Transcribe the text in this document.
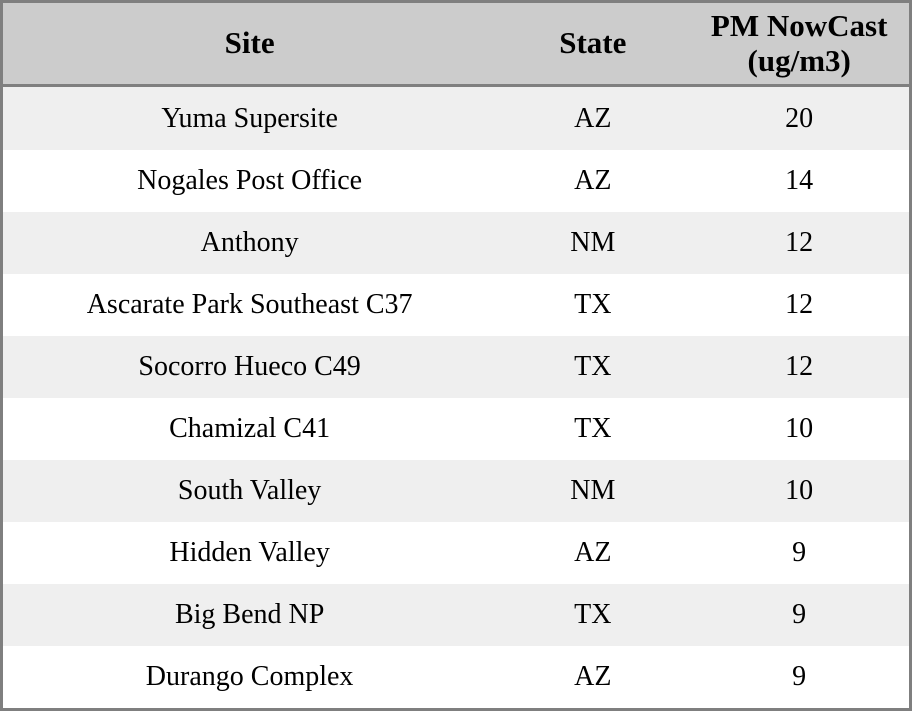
Site	State	PM NowCast (ug/m3)
Yuma Supersite	AZ	20
Nogales Post Office	AZ	14
Anthony	NM	12
Ascarate Park Southeast C37	TX	12
Socorro Hueco C49	TX	12
Chamizal C41	TX	10
South Valley	NM	10
Hidden Valley	AZ	9
Big Bend NP	TX	9
Durango Complex	AZ	9
